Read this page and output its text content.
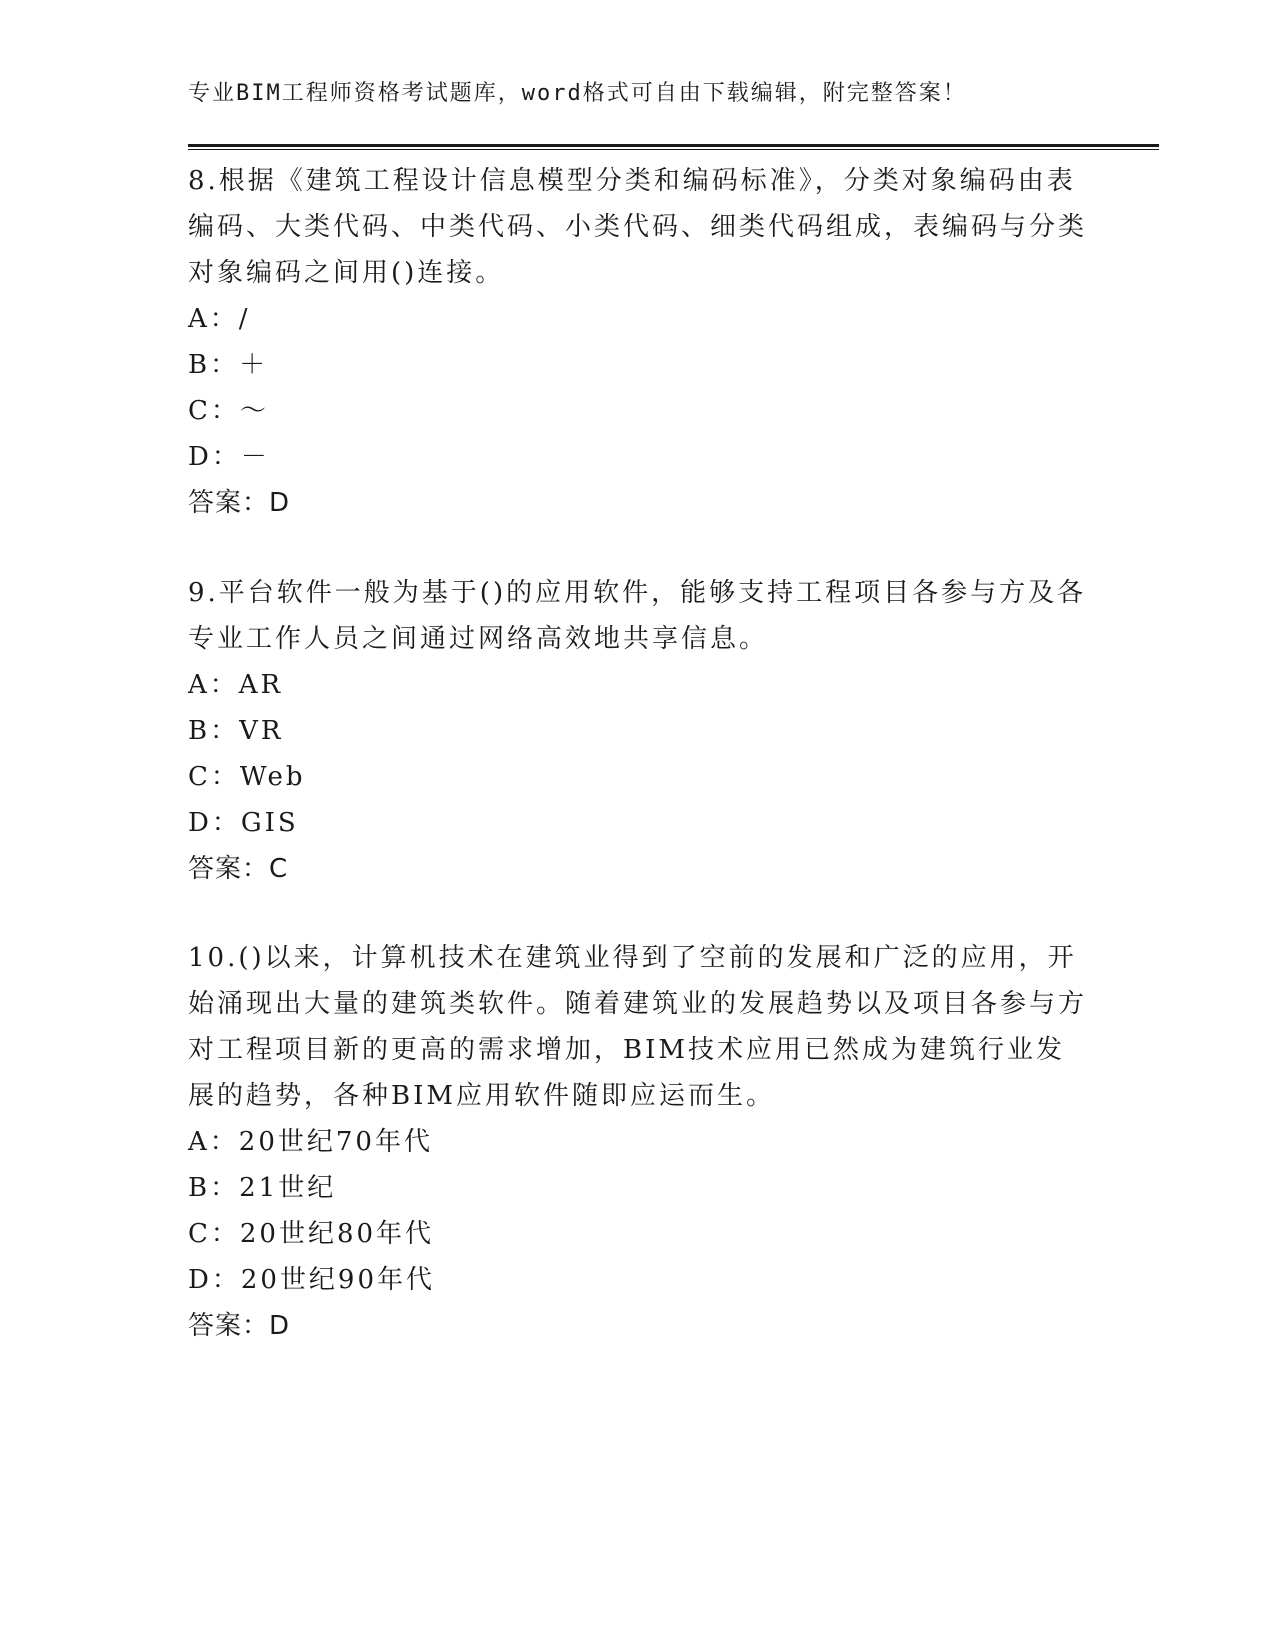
专业BIM工程师资格考试题库，word格式可自由下载编辑，附完整答案！

8.根据《建筑工程设计信息模型分类和编码标准》，分类对象编码由表编码、大类代码、中类代码、小类代码、细类代码组成，表编码与分类对象编码之间用()连接。

A：/

B：＋

C：～

D：－

答案：D

9.平台软件一般为基于()的应用软件，能够支持工程项目各参与方及各专业工作人员之间通过网络高效地共享信息。

A：AR

B：VR

C：Web

D：GIS

答案：C

10.()以来，计算机技术在建筑业得到了空前的发展和广泛的应用，开始涌现出大量的建筑类软件。随着建筑业的发展趋势以及项目各参与方对工程项目新的更高的需求增加，BIM技术应用已然成为建筑行业发展的趋势，各种BIM应用软件随即应运而生。

A：20世纪70年代

B：21世纪

C：20世纪80年代

D：20世纪90年代

答案：D
